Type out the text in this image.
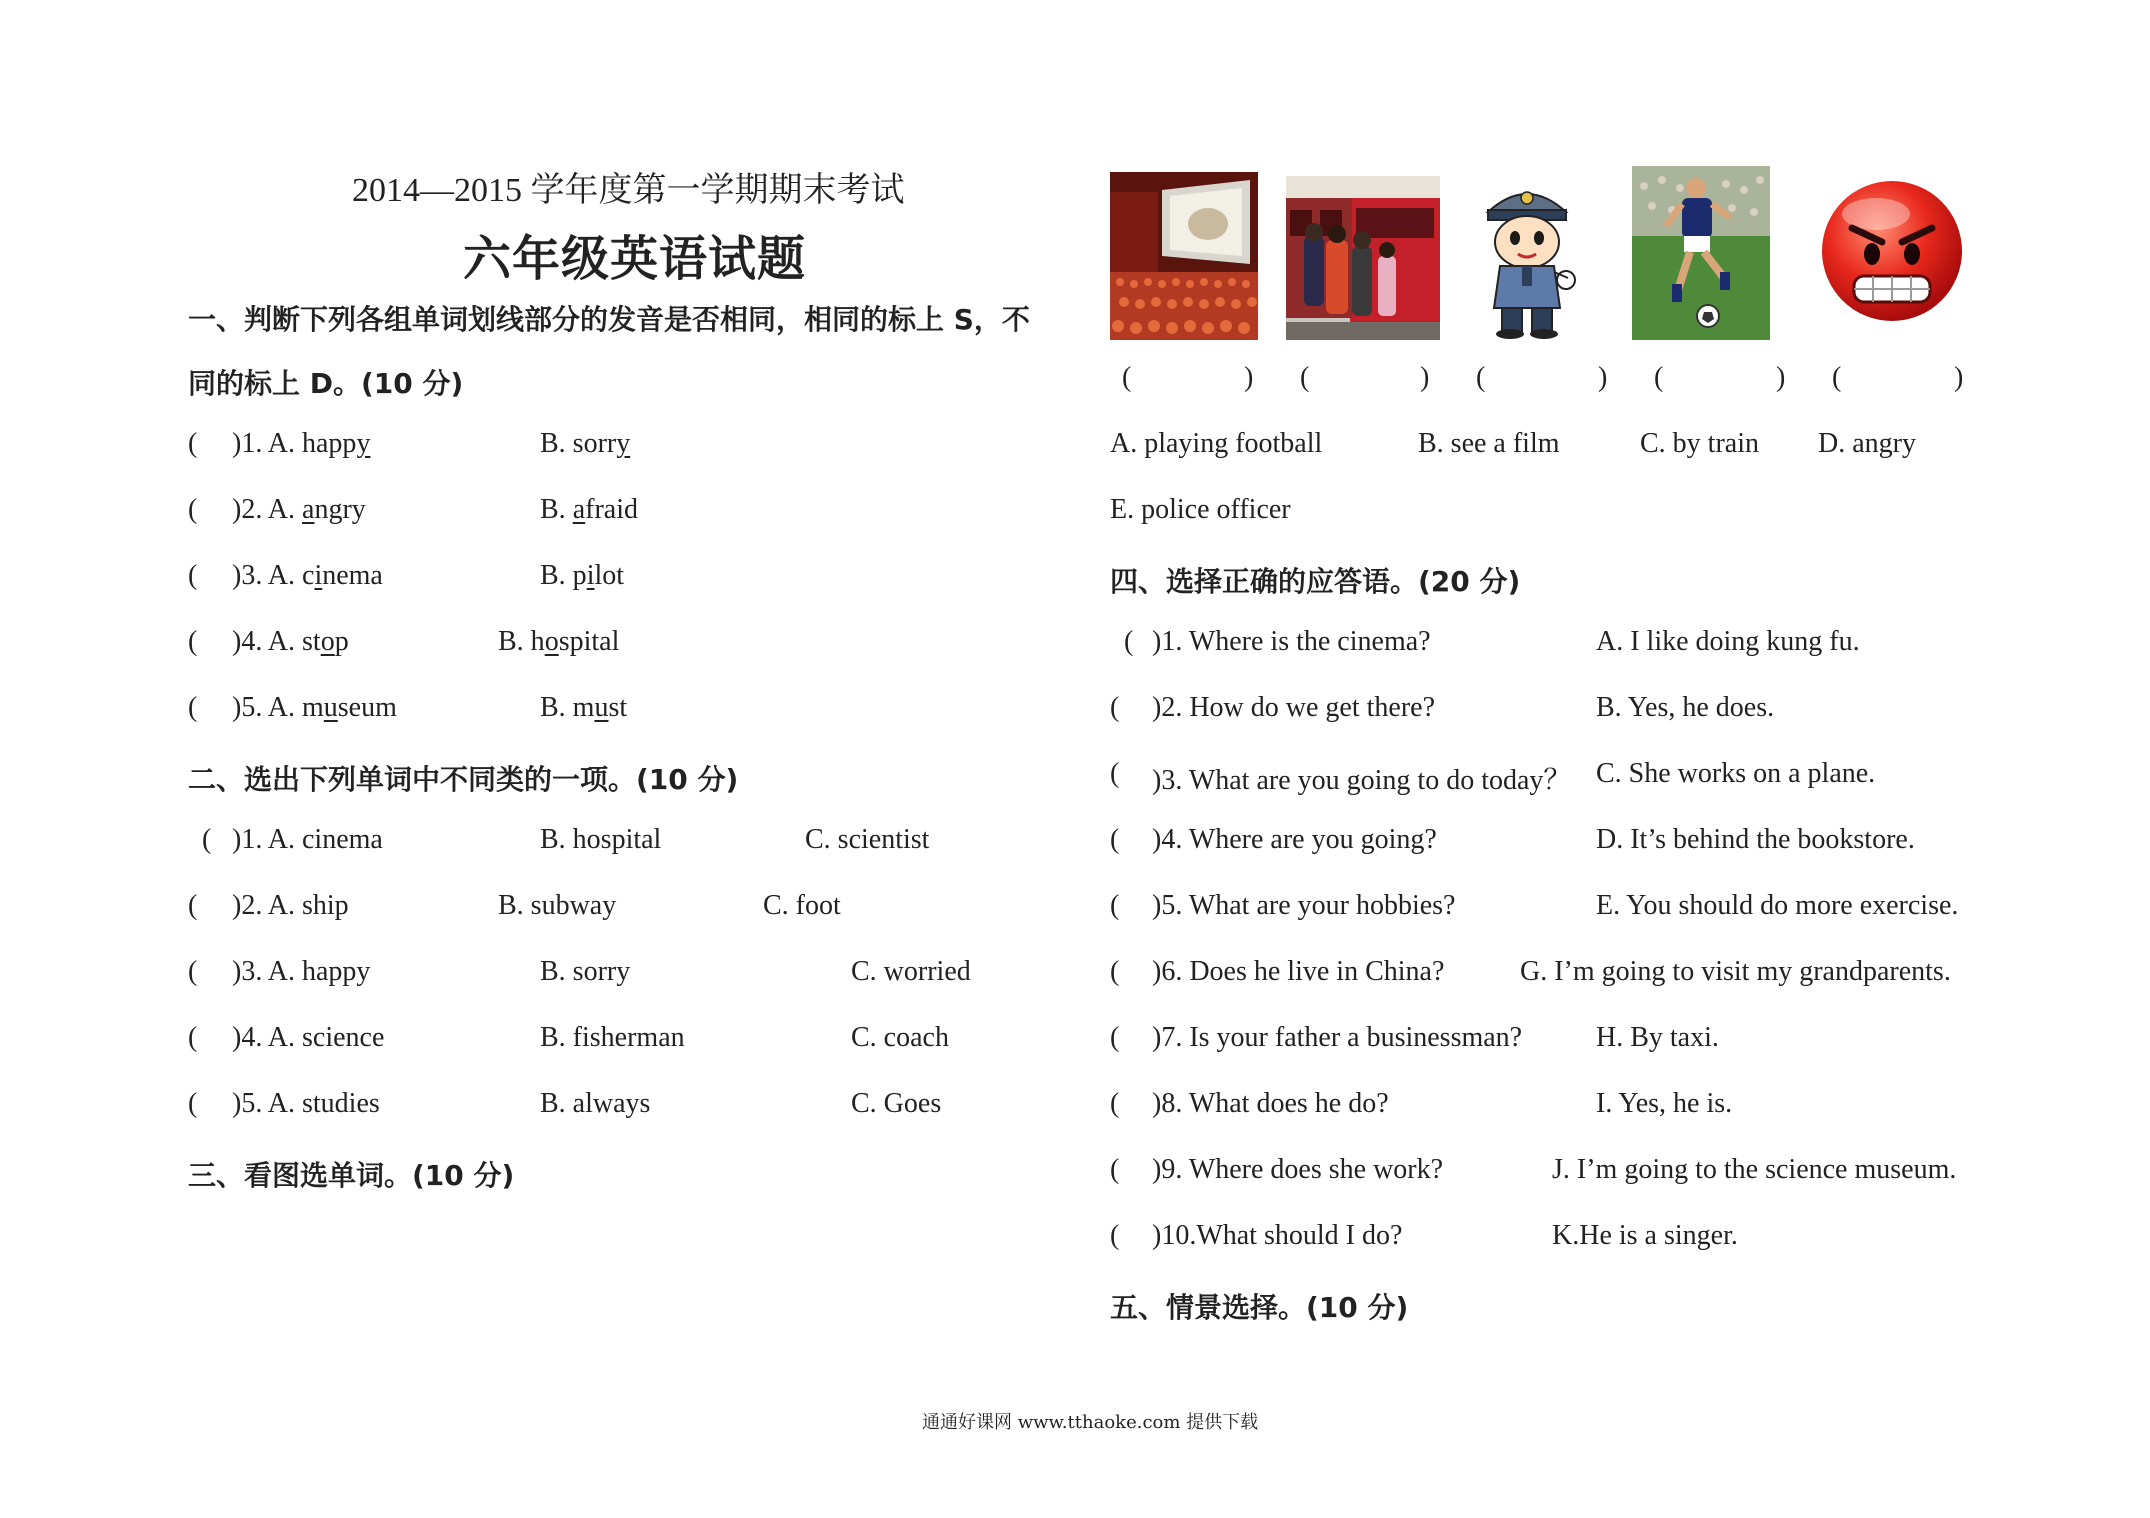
2014—2015 学年度第一学期期末考试
六年级英语试题
一、判断下列各组单词划线部分的发音是否相同，相同的标上 S，不
同的标上 D。(10 分)
( )1. A. happy	B. sorry
( )2. A. angry	B. afraid
( )3. A. cinema	B. pilot
( )4. A. stop	B. hospital
( )5. A. museum	B. must
二、选出下列单词中不同类的一项。(10 分)
( )1. A. cinema	B. hospital	C. scientist
( )2. A. ship	B. subway	C. foot
( )3. A. happy	B. sorry	C. worried
( )4. A. science	B. fisherman	C. coach
( )5. A. studies	B. always	C. Goes
三、看图选单词。(10 分)
(	) (	) (	) (	) (	)
A. playing football	B. see a film	C. by train D. angry
E. police officer
四、选择正确的应答语。(20 分)
( )1. Where is the cinema?	A. I like doing kung fu.
( )2. How do we get there?	B. Yes, he does.
( )3. What are you going to do today？ C. She works on a plane.
( )4. Where are you going?	D. It’s behind the bookstore.
( )5. What are your hobbies?	E. You should do more exercise.
( )6. Does he live in China?	G. I’m going to visit my grandparents.
( )7. Is your father a businessman?	H. By taxi.
( )8. What does he do?	I. Yes, he is.
( )9. Where does she work?	J. I’m going to the science museum.
( )10.What should I do?	K.He is a singer.
五、情景选择。(10 分)
通通好课网 www.tthaoke.com 提供下载
